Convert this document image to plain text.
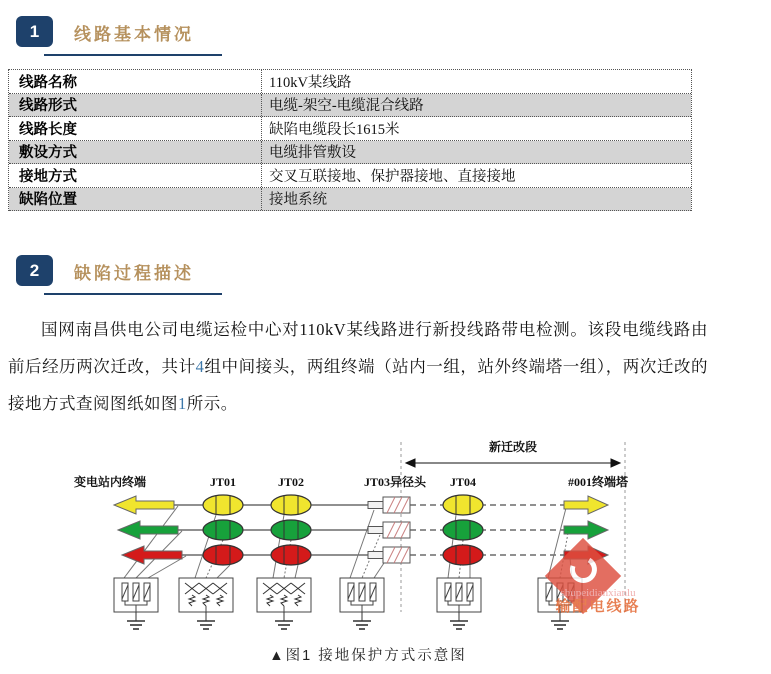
1	线路基本情况
线路名称	110kV某线路
线路形式	电缆-架空-电缆混合线路
线路长度	缺陷电缆段长1615米
敷设方式	电缆排管敷设
接地方式	交叉互联接地、保护器接地、直接接地
缺陷位置	接地系统
2	缺陷过程描述

国网南昌供电公司电缆运检中心对110kV某线路进行新投线路带电检测。该段电缆线路由前后经历两次迁改，共计4组中间接头，两组终端（站内一组，站外终端塔一组），两次迁改的接地方式查阅图纸如图1所示。

新迁改段
变电站内终端	JT01	JT02	JT03异径头 JT04	#001终端塔
shupeidianxianlu
输配电线路
▲图1 接地保护方式示意图
